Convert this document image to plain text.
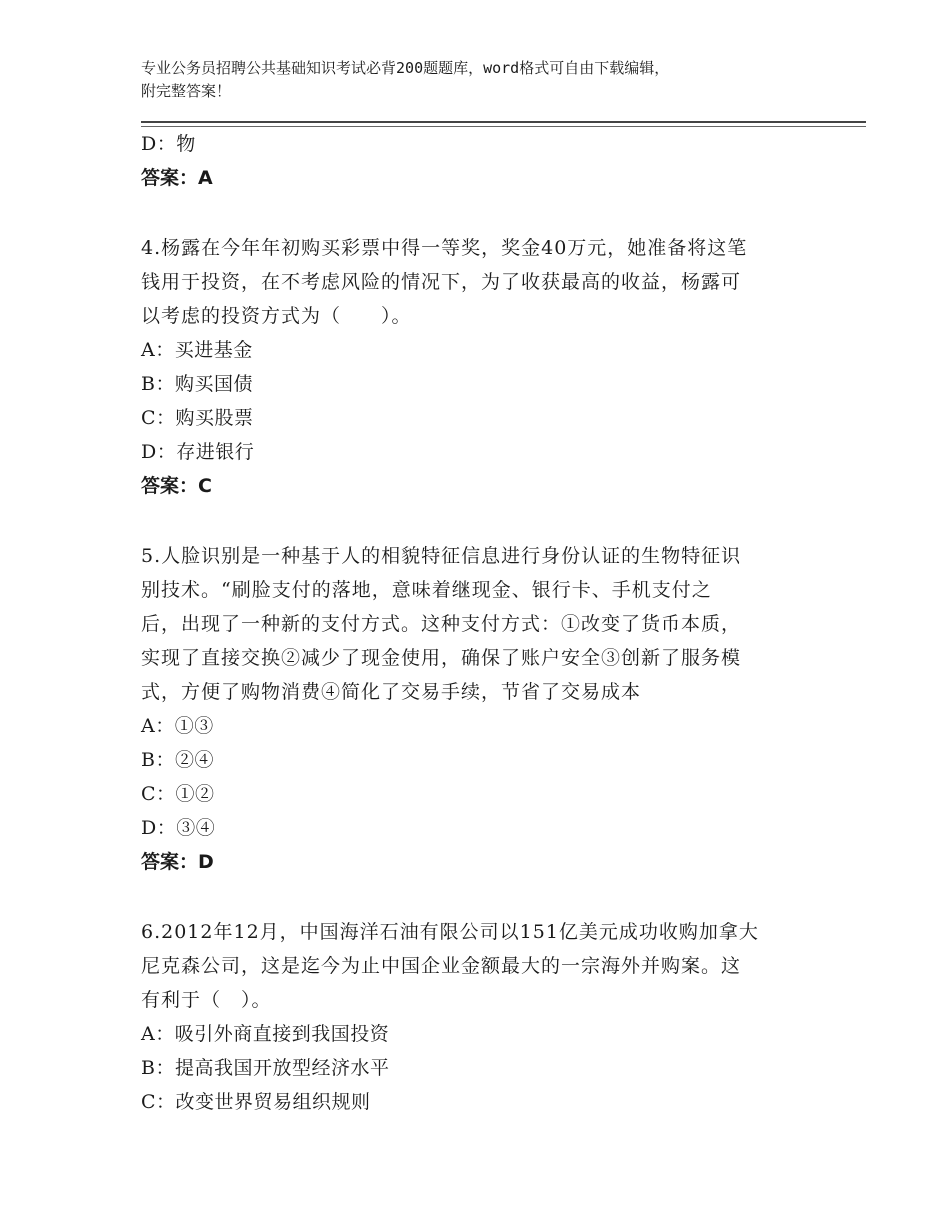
专业公务员招聘公共基础知识考试必背200题题库，word格式可自由下载编辑，
附完整答案！
D：物
答案：A
4.杨露在今年年初购买彩票中得一等奖，奖金40万元，她准备将这笔
钱用于投资，在不考虑风险的情况下，为了收获最高的收益，杨露可
以考虑的投资方式为（　　）。
A：买进基金
B：购买国债
C：购买股票
D：存进银行
答案：C
5.人脸识别是一种基于人的相貌特征信息进行身份认证的生物特征识
别技术。“刷脸支付的落地，意味着继现金、银行卡、手机支付之
后，出现了一种新的支付方式。这种支付方式：①改变了货币本质，
实现了直接交换②减少了现金使用，确保了账户安全③创新了服务模
式，方便了购物消费④简化了交易手续，节省了交易成本
A：①③
B：②④
C：①②
D：③④
答案：D
6.2012年12月，中国海洋石油有限公司以151亿美元成功收购加拿大
尼克森公司，这是迄今为止中国企业金额最大的一宗海外并购案。这
有利于（　）。
A：吸引外商直接到我国投资
B：提高我国开放型经济水平
C：改变世界贸易组织规则
